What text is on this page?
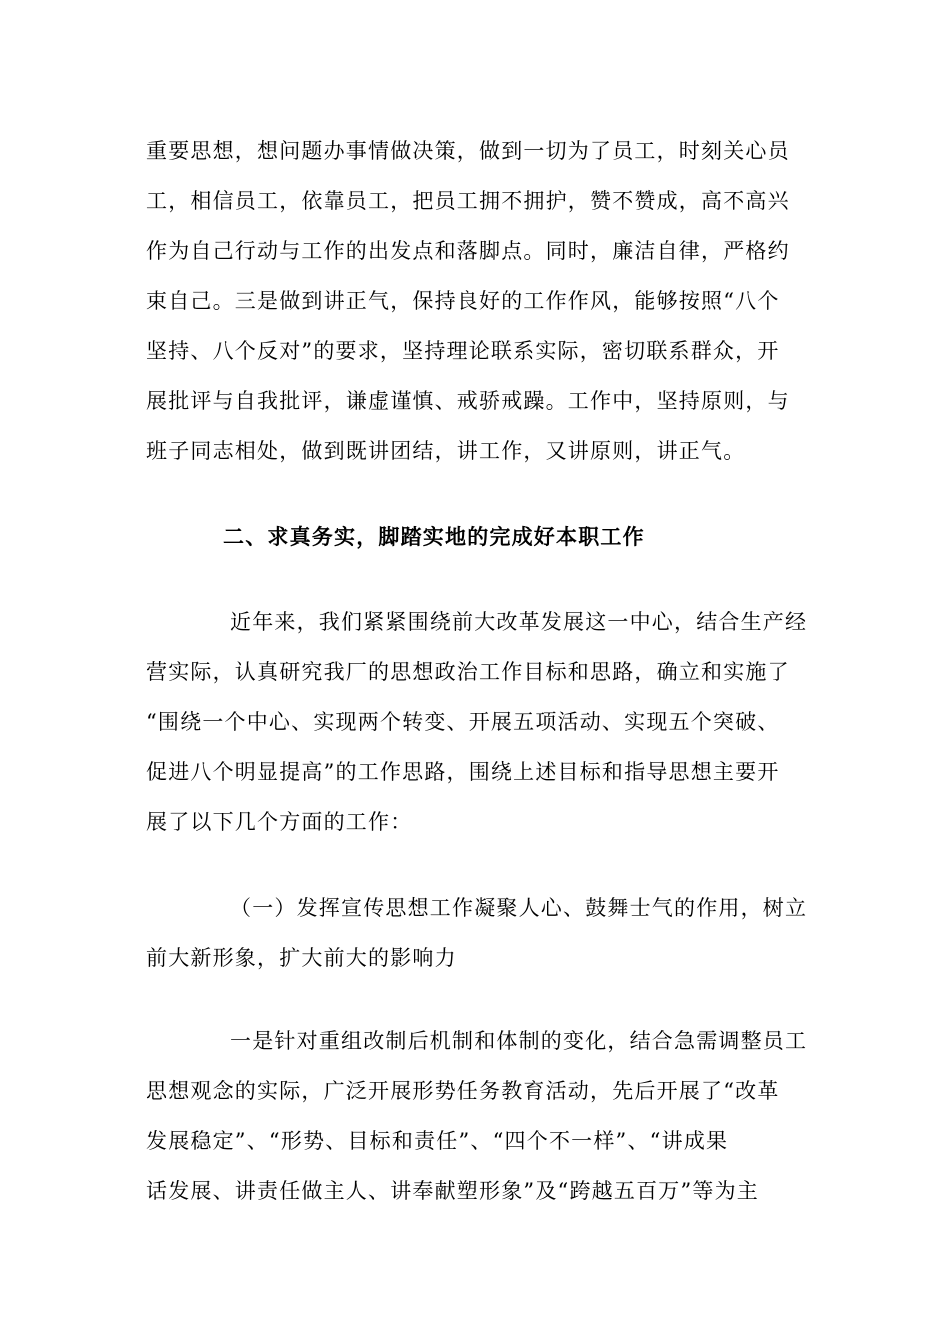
重要思想，想问题办事情做决策，做到一切为了员工，时刻关心员
工，相信员工，依靠员工，把员工拥不拥护，赞不赞成，高不高兴
作为自己行动与工作的出发点和落脚点。同时，廉洁自律，严格约
束自己。三是做到讲正气，保持良好的工作作风，能够按照“八个
坚持、八个反对”的要求，坚持理论联系实际，密切联系群众，开
展批评与自我批评，谦虚谨慎、戒骄戒躁。工作中，坚持原则，与
班子同志相处，做到既讲团结，讲工作，又讲原则，讲正气。
二、求真务实，脚踏实地的完成好本职工作
近年来，我们紧紧围绕前大改革发展这一中心，结合生产经
营实际，认真研究我厂的思想政治工作目标和思路，确立和实施了
“围绕一个中心、实现两个转变、开展五项活动、实现五个突破、
促进八个明显提高”的工作思路，围绕上述目标和指导思想主要开
展了以下几个方面的工作：
（一）发挥宣传思想工作凝聚人心、鼓舞士气的作用，树立
前大新形象，扩大前大的影响力
一是针对重组改制后机制和体制的变化，结合急需调整员工
思想观念的实际，广泛开展形势任务教育活动，先后开展了“改革
发展稳定”、“形势、目标和责任”、“四个不一样”、“讲成果
话发展、讲责任做主人、讲奉献塑形象”及“跨越五百万”等为主
